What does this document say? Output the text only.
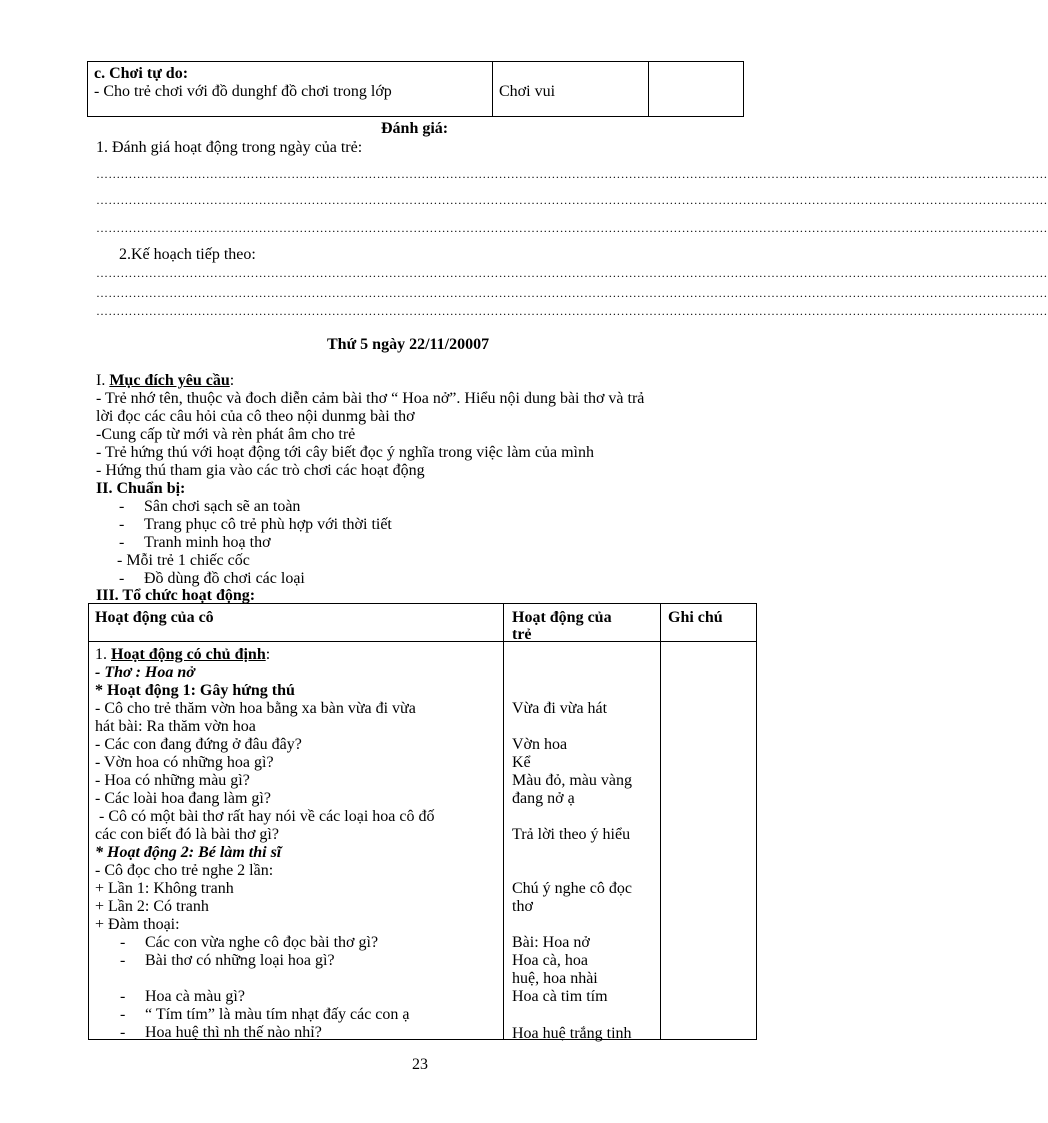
c. Chơi tự do:
- Cho trẻ chơi với đồ dunghf đồ chơi trong lớp	Chơi vui
Đánh giá:
1. Đánh giá hoạt động trong ngày của trẻ:
………………………………………………………………………………………………………………………………………………………………………………………………………………
………………………………………………………………………………………………………………………………………………………………………………………………………………
………………………………………………………………………………………………………………………………………………………………………………………………………………
2.Kế hoạch tiếp theo:
………………………………………………………………………………………………………………………………………………………………………………………………………………
………………………………………………………………………………………………………………………………………………………………………………………………………………
………………………………………………………………………………………………………………………………………………………………………………………………………………
Thứ 5 ngày 22/11/20007
I. Mục đích yêu cầu:
- Trẻ nhớ tên, thuộc và đoch diễn cảm bài thơ “ Hoa nở”. Hiểu nội dung bài thơ và trả
lời đọc các câu hỏi của cô theo nội dunmg bài thơ
-Cung cấp từ mới và rèn phát âm cho trẻ
- Trẻ hứng thú với hoạt động tới cây biết đọc ý nghĩa trong việc làm của mình
- Hứng thú tham gia vào các trò chơi các hoạt động
II. Chuẩn bị:
- Sân chơi sạch sẽ an toàn
- Trang phục cô trẻ phù hợp với thời tiết
- Tranh minh hoạ thơ
- Mỗi trẻ 1 chiếc cốc
- Đồ dùng đồ chơi các loại
III. Tổ chức hoạt động:
Hoạt động của cô	Hoạt động của
trẻ
Ghi chú
1. Hoạt động có chủ định:
- Thơ : Hoa nở
* Hoạt động 1: Gây hứng thú
- Cô cho trẻ thăm vờn hoa bằng xa bàn vừa đi vừa
hát bài: Ra thăm vờn hoa
- Các con đang đứng ở đâu đây?
- Vờn hoa có những hoa gì?
- Hoa có những màu gì?
- Các loài hoa đang làm gì?
- Cô có một bài thơ rất hay nói về các loại hoa cô đố
các con biết đó là bài thơ gì?
* Hoạt động 2: Bé làm thi sĩ
- Cô đọc cho trẻ nghe 2 lần:
+ Lần 1: Không tranh
+ Lần 2: Có tranh
+ Đàm thoại:
- Các con vừa nghe cô đọc bài thơ gì?
- Bài thơ có những loại hoa gì?
- Hoa cà màu gì?
- “ Tím tím” là màu tím nhạt đấy các con ạ
- Hoa huệ thì nh thế nào nhỉ?
Vừa đi vừa hát
Vờn hoa
Kể
Màu đỏ, màu vàng
đang nở ạ
Trả lời theo ý hiểu
Chú ý nghe cô đọc
thơ
Bài: Hoa nở
Hoa cà, hoa
huệ, hoa nhài
Hoa cà tim tím
Hoa huệ trắng tinh
23
